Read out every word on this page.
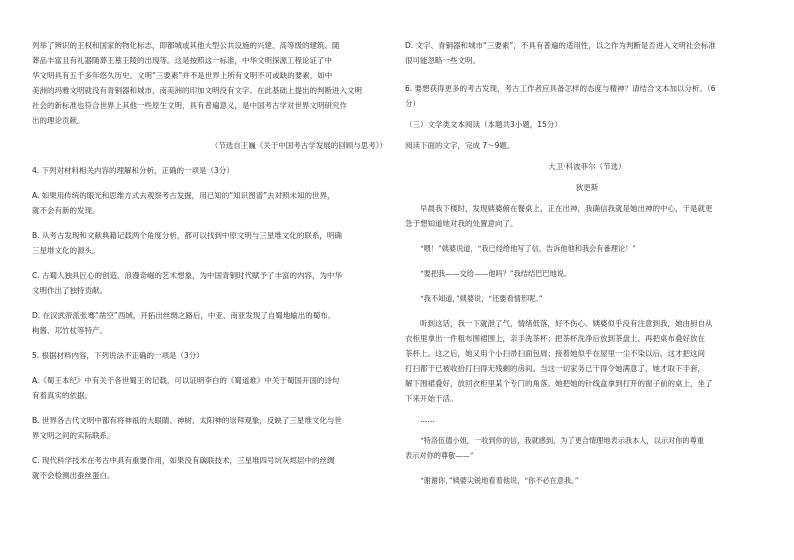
列举了辨识的王权和国家的物化标志，即都城或其他大型公共设施的兴建、高等级的建筑、随

葬品丰富且有礼器随葬王墓王陵的出现等。这是按照这一标准，中华文明探源工程论证了中

华文明具有五千多年悠久历史。文明“三要素”并不是世界上所有文明不可或缺的要素，如中

美洲的玛雅文明就没有青铜器和城市，南美洲的印加文明没有文字。在此基础上提出的判断进入文明

社会的新标准也符合世界上其他一些原生文明，具有普遍意义，是中国考古学对世界文明研究作

出的理论贡献。

（节选自王巍《关于中国考古学发展的回顾与思考》）

4. 下列对材料相关内容的理解和分析，正确的一项是（3分）

A. 如果用传统的眼光和思维方式去观察考古发掘，用已知的“知识图谱”去对照未知的世界，

就不会有新的发现。

B. 从考古发现和文献典籍记载两个角度分析，都可以找到中原文明与三星堆文化的联系，明确

三星堆文化的源头。

C. 古蜀人独具匠心的创造、浪漫奇崛的艺术想象，为中国青铜时代赋予了丰富的内容，为中华

文明作出了独特贡献。

D. 在汉武帝派张骞“凿空”西域，开拓出丝绸之路后，中亚、南亚发现了自蜀地输出的蜀布、

枸酱、邛竹杖等特产。

5. 根据材料内容，下列说法不正确的一项是（3分）

A.《蜀王本纪》中有关于各世蜀王的记载，可以证明李白的《蜀道难》中关于蜀国开国的诗句

有着真实的依据。

B. 世界各古代文明中都有将神祇的大眼睛、神树、太阳神的崇拜观象，反映了三星堆文化与世

界文明之间的实际联系。

C. 现代科学技术在考古中具有重要作用，如果没有碳联技术，三星堆四号坑灰烬层中的丝绸

就不会检测出蚕丝蛋白。

D. 文字、青铜器和城市“三要素”，不具有普遍的适用性，以之作为判断是否进入文明社会标准

很可能忽略一些文明。

6. 要想获得更多的考古发现，考古工作者应具备怎样的态度与精神？请结合文本加以分析。（6

分）

（三）文学类文本阅读（本题共3小题，15分）

阅读下面的文字，完成 7～9题。

大卫·科波菲尔（节选）

狄更斯

早晨我下楼时，发现姨婆俯在餐桌上，正在出神，我确信我就是她出神的中心，于是就更

急于想知道她对我的处置意向了。

“喂！”姨婆说道，“我已经给他写了信，告诉他他和我会有番理论！”

“要把我——交给——他吗？”我结结巴巴地说。

“我不知道，”姨婆说，“还要看情形呢。”

听到这话，我一下就泄了气，情绪低落，好不伤心。姨婆似乎没有注意到我，她由厨自从

衣柜里拿出一件粗布围裙围上，亲手洗茶杯；把茶杯洗净后放到茶盘上，再把桌布叠好放在

茶杯上。这之后，她又用个小扫帚扫面包屑；接着她似乎在屋里一尘不染以后，这才把这间

打扫都干已被收拾打扫得无残剩的房间。当这一切家务已干得令她满意了，她才取下手套，

解下围裙叠好，放回衣柜里某个专门的角落。她把她的针线盒拿到打开的窗子前的桌上，坐了

下来开始干活。

……

“特洛伍德小姐，一收到你的信，我就感到，为了更合情理地表示我本人，以示对你的尊重

表示对你的尊敬——”

“谢谢你，”姨婆尖锐地看着他说，“你不必在意我。”
